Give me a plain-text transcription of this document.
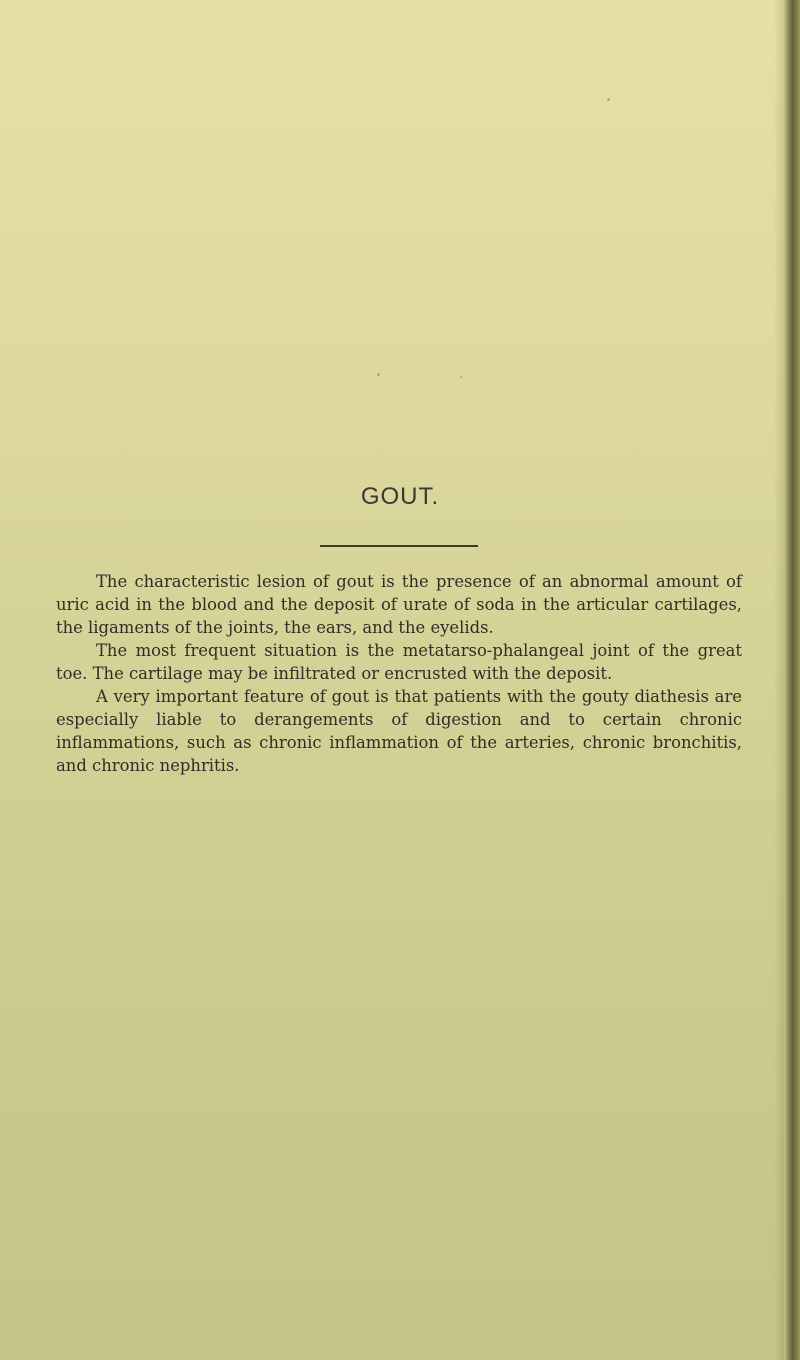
GOUT.

The characteristic lesion of gout is the presence of an abnormal amount of uric acid in the blood and the deposit of urate of soda in the articular cartilages, the ligaments of the joints, the ears, and the eyelids.

The most frequent situation is the metatarso-phalangeal joint of the great toe. The cartilage may be infiltrated or encrusted with the deposit.

A very important feature of gout is that patients with the gouty diathesis are especially liable to derangements of digestion and to certain chronic inflammations, such as chronic inflammation of the arteries, chronic bronchitis, and chronic nephritis.
